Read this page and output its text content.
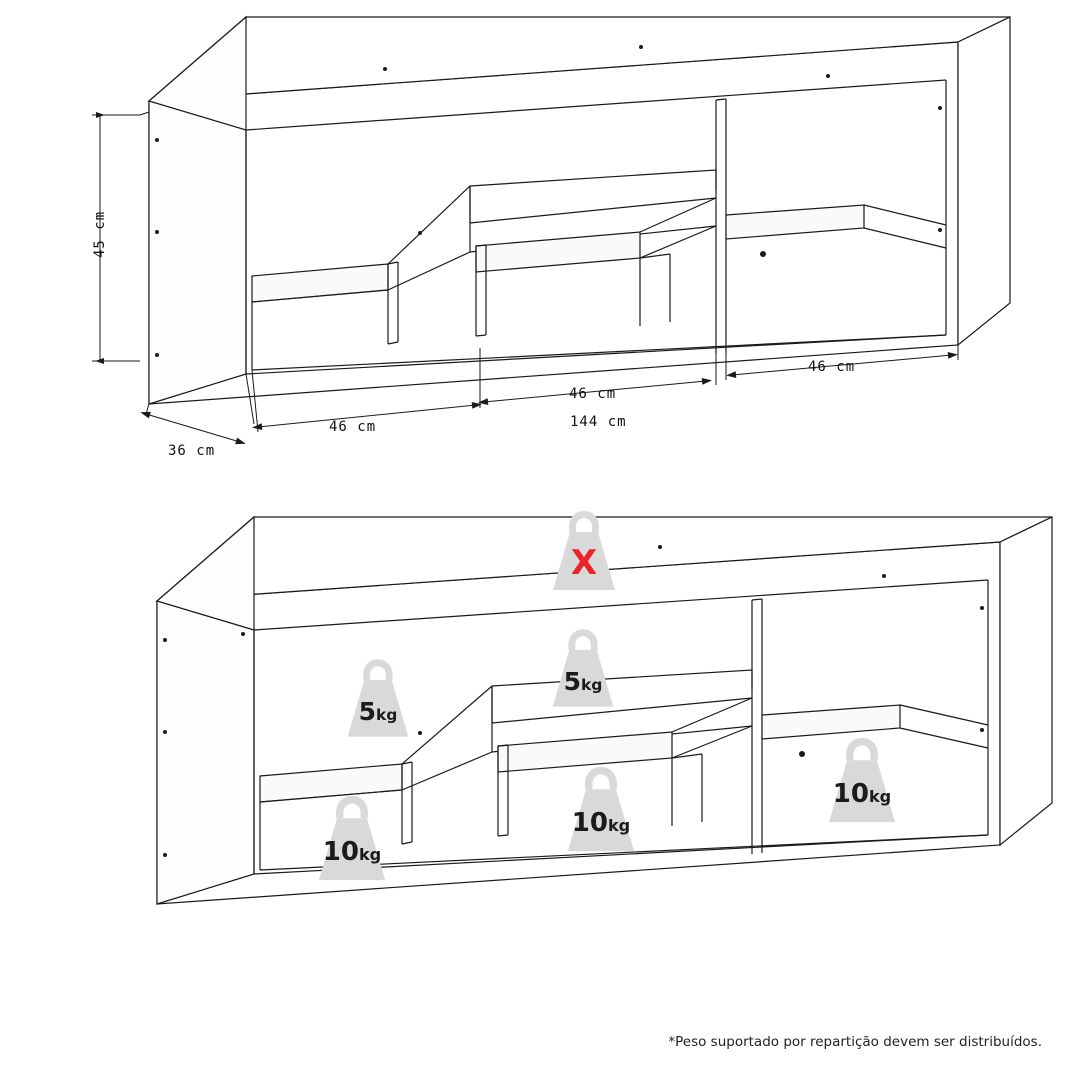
45 cm
36 cm
46 cm
46 cm
46 cm
144 cm
X
5kg
5kg
10kg
10kg
10kg
*Peso suportado por repartição devem ser distribuídos.
